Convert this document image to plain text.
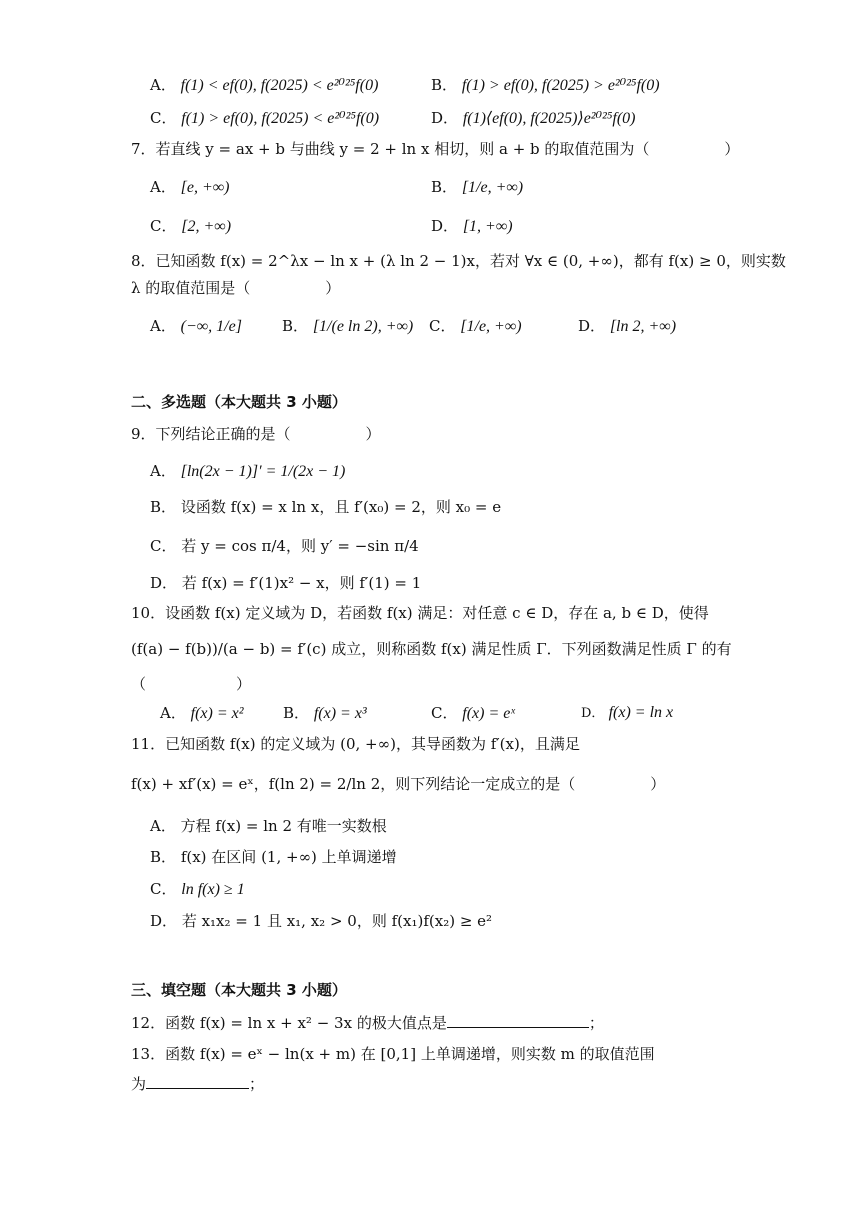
A． f(1) < ef(0), f(2025) < e²⁰²⁵f(0)	B． f(1) > ef(0), f(2025) > e²⁰²⁵f(0)
C． f(1) > ef(0), f(2025) < e²⁰²⁵f(0)	D． f(1)⟨ef(0), f(2025)⟩e²⁰²⁵f(0)
7．若直线 y = ax + b 与曲线 y = 2 + ln x 相切，则 a + b 的取值范围为（　　　　　）
A． [e, +∞)	B． [1/e, +∞)
C． [2, +∞)	D． [1, +∞)
8．已知函数 f(x) = 2^λx − ln x + (λ ln 2 − 1)x，若对 ∀x ∈ (0, +∞)，都有 f(x) ≥ 0，则实数
λ 的取值范围是（　　　　　）
A． (−∞, 1/e]	B． [1/(e ln 2), +∞) C． [1/e, +∞)	D． [ln 2, +∞)
二、多选题（本大题共 3 小题）
9．下列结论正确的是（　　　　　）
A． [ln(2x − 1)]′ = 1/(2x − 1)
B． 设函数 f(x) = x ln x，且 f′(x₀) = 2，则 x₀ = e
C． 若 y = cos π/4，则 y′ = −sin π/4
D． 若 f(x) = f′(1)x² − x，则 f′(1) = 1
10．设函数 f(x) 定义域为 D，若函数 f(x) 满足：对任意 c ∈ D，存在 a, b ∈ D，使得
(f(a) − f(b))/(a − b) = f′(c) 成立，则称函数 f(x) 满足性质 Γ．下列函数满足性质 Γ 的有
（　　　　　　）
A． f(x) = x²	B． f(x) = x³	C． f(x) = eˣ	D． f(x) = ln x
11．已知函数 f(x) 的定义域为 (0, +∞)，其导函数为 f′(x)，且满足
f(x) + xf′(x) = eˣ，f(ln 2) = 2/ln 2，则下列结论一定成立的是（　　　　　）
A． 方程 f(x) = ln 2 有唯一实数根
B． f(x) 在区间 (1, +∞) 上单调递增
C． ln f(x) ≥ 1
D． 若 x₁x₂ = 1 且 x₁, x₂ > 0，则 f(x₁)f(x₂) ≥ e²
三、填空题（本大题共 3 小题）
12．函数 f(x) = ln x + x² − 3x 的极大值点是	；
13．函数 f(x) = eˣ − ln(x + m) 在 [0,1] 上单调递增，则实数 m 的取值范围
为	；
